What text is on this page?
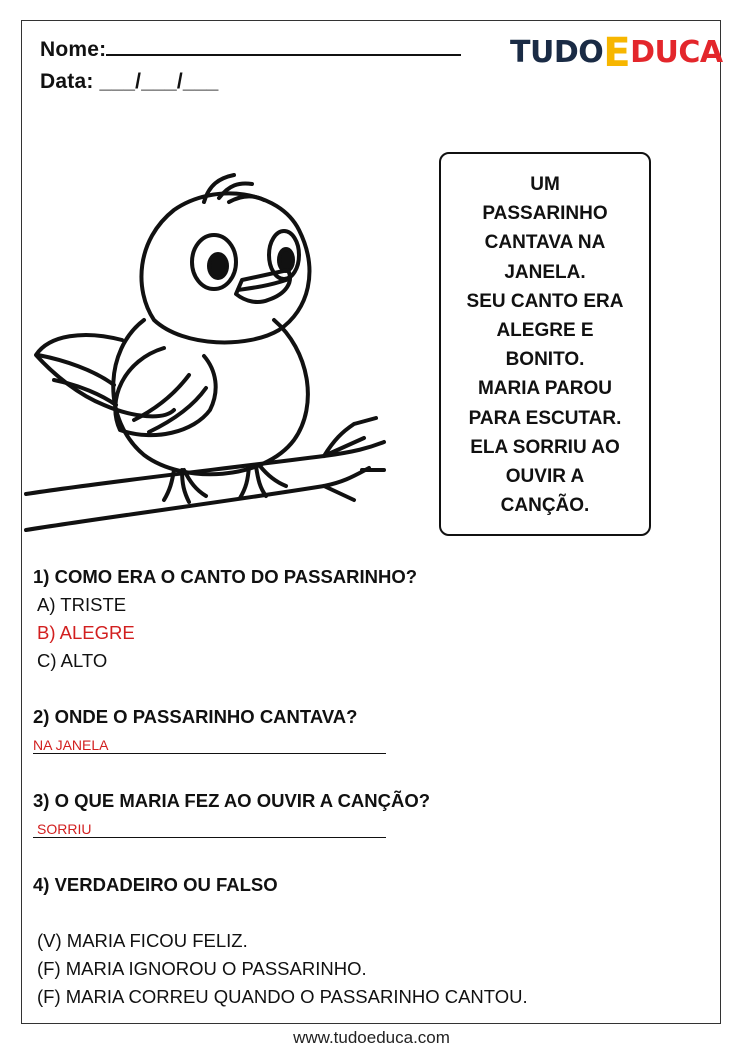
Nome:
Data: ___/___/___
TUDOEDUCA
UM
PASSARINHO
CANTAVA NA
JANELA.
SEU CANTO ERA
ALEGRE E
BONITO.
MARIA PAROU
PARA ESCUTAR.
ELA SORRIU AO
OUVIR A
CANÇÃO.
1) COMO ERA O CANTO DO PASSARINHO?
A) TRISTE
B) ALEGRE
C) ALTO
2) ONDE O PASSARINHO CANTAVA?
NA JANELA
3) O QUE MARIA FEZ AO OUVIR A CANÇÃO?
SORRIU
4) VERDADEIRO OU FALSO
(V) MARIA FICOU FELIZ.
(F) MARIA IGNOROU O PASSARINHO.
(F) MARIA CORREU QUANDO O PASSARINHO CANTOU.
www.tudoeduca.com
